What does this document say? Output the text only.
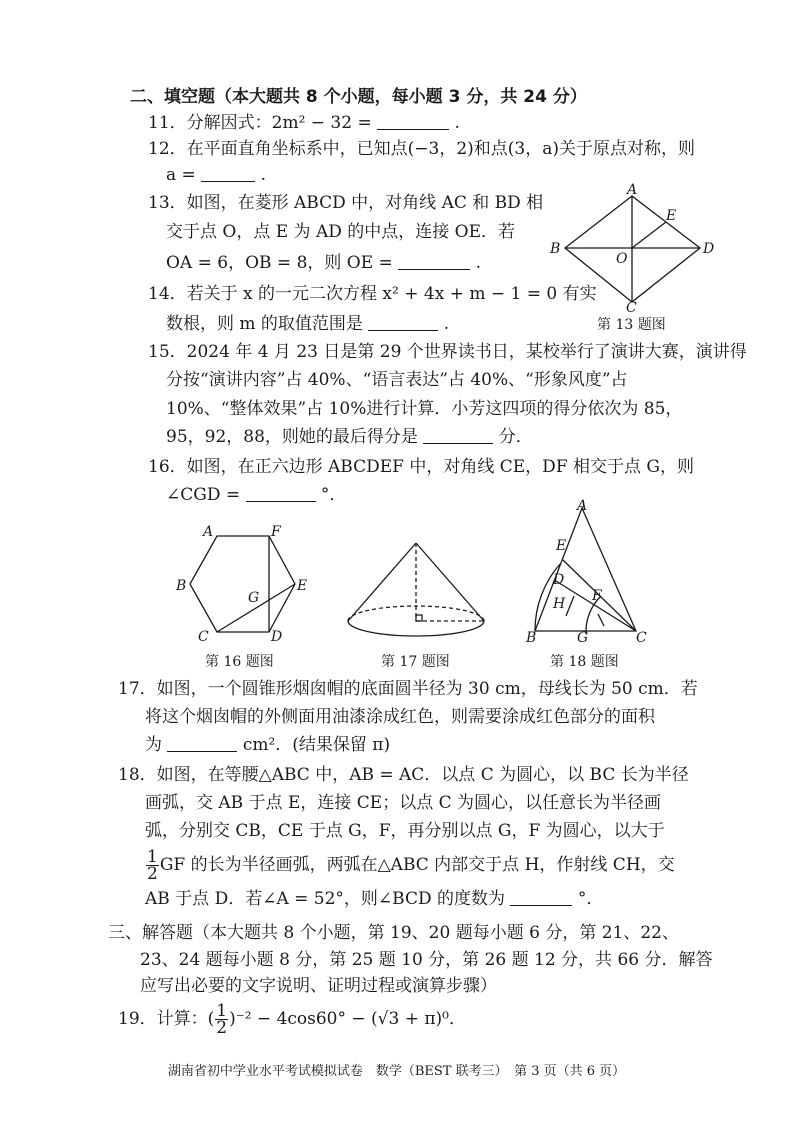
二、填空题（本大题共 8 个小题，每小题 3 分，共 24 分）
11．分解因式：2m² − 32 =	.
12．在平面直角坐标系中，已知点(−3，2)和点(3，a)关于原点对称，则
a =	.
13．如图，在菱形 ABCD 中，对角线 AC 和 BD 相
交于点 O，点 E 为 AD 的中点，连接 OE．若
OA = 6，OB = 8，则 OE =	.
A
B
C
D
E
O
14．若关于 x 的一元二次方程 x² + 4x + m − 1 = 0 有实
数根，则 m 的取值范围是	.	第 13 题图
15．2024 年 4 月 23 日是第 29 个世界读书日，某校举行了演讲大赛，演讲得
分按“演讲内容”占 40%、“语言表达”占 40%、“形象风度”占
10%、“整体效果”占 10%进行计算．小芳这四项的得分依次为 85，
95，92，88，则她的最后得分是	分．
16．如图，在正六边形 ABCDEF 中，对角线 CE，DF 相交于点 G，则
∠CGD =	°．
A	F
B	E
G
C	D
第 16 题图	第 17 题图
A
E
D
H F
B	G	C
第 18 题图
17．如图，一个圆锥形烟囱帽的底面圆半径为 30 cm，母线长为 50 cm．若
将这个烟囱帽的外侧面用油漆涂成红色，则需要涂成红色部分的面积
为	cm²．(结果保留 π)
18．如图，在等腰△ABC 中，AB = AC．以点 C 为圆心，以 BC 长为半径
画弧，交 AB 于点 E，连接 CE；以点 C 为圆心，以任意长为半径画
弧，分别交 CB，CE 于点 G，F，再分别以点 G，F 为圆心，以大于
$\frac{1}{2}$ GF 的长为半径画弧，两弧在△ABC 内部交于点 H，作射线 CH，交
AB 于点 D．若∠A = 52°，则∠BCD 的度数为	°．
三、解答题（本大题共 8 个小题，第 19、20 题每小题 6 分，第 21、22、
23、24 题每小题 8 分，第 25 题 10 分，第 26 题 12 分，共 66 分．解答
应写出必要的文字说明、证明过程或演算步骤）
19．计算：( $\frac{1}{2} )^{-2} - 4\cos 60^\circ - (√3 + \pi)^0$．
湖南省初中学业水平考试模拟试卷　数学（BEST 联考三）　第 3 页（共 6 页）
